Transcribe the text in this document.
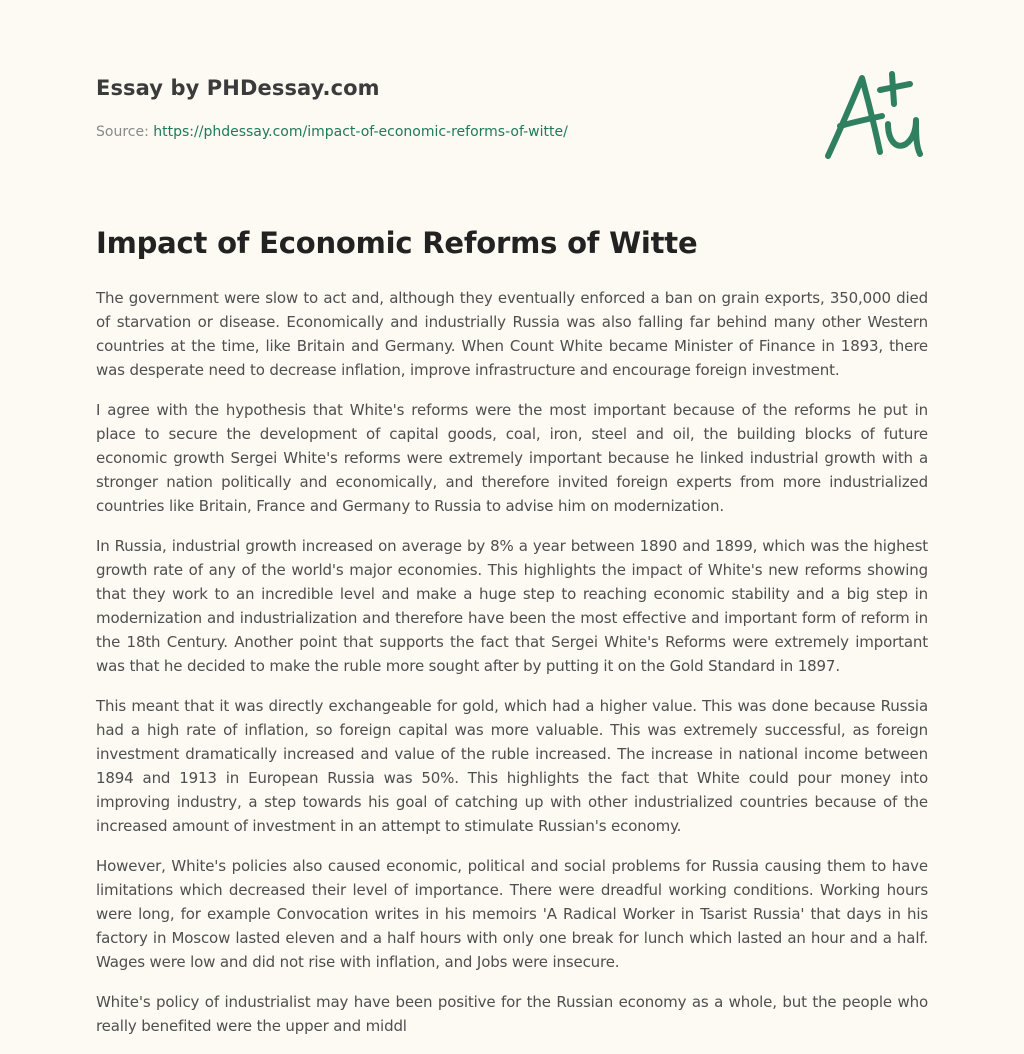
Essay by PHDessay.com
Source: https://phdessay.com/impact-of-economic-reforms-of-witte/
Impact of Economic Reforms of Witte

The government were slow to act and, although they eventually enforced a ban on grain exports, 350,000 died of starvation or disease. Economically and industrially Russia was also falling far behind many other Western countries at the time, like Britain and Germany. When Count White became Minister of Finance in 1893, there was desperate need to decrease inflation, improve infrastructure and encourage foreign investment.

I agree with the hypothesis that White's reforms were the most important because of the reforms he put in place to secure the development of capital goods, coal, iron, steel and oil, the building blocks of future economic growth Sergei White's reforms were extremely important because he linked industrial growth with a stronger nation politically and economically, and therefore invited foreign experts from more industrialized countries like Britain, France and Germany to Russia to advise him on modernization.

In Russia, industrial growth increased on average by 8% a year between 1890 and 1899, which was the highest growth rate of any of the world's major economies. This highlights the impact of White's new reforms showing that they work to an incredible level and make a huge step to reaching economic stability and a big step in modernization and industrialization and therefore have been the most effective and important form of reform in the 18th Century. Another point that supports the fact that Sergei White's Reforms were extremely important was that he decided to make the ruble more sought after by putting it on the Gold Standard in 1897.

This meant that it was directly exchangeable for gold, which had a higher value. This was done because Russia had a high rate of inflation, so foreign capital was more valuable. This was extremely successful, as foreign investment dramatically increased and value of the ruble increased. The increase in national income between 1894 and 1913 in European Russia was 50%. This highlights the fact that White could pour money into improving industry, a step towards his goal of catching up with other industrialized countries because of the increased amount of investment in an attempt to stimulate Russian's economy.

However, White's policies also caused economic, political and social problems for Russia causing them to have limitations which decreased their level of importance. There were dreadful working conditions. Working hours were long, for example Convocation writes in his memoirs 'A Radical Worker in Tsarist Russia' that days in his factory in Moscow lasted eleven and a half hours with only one break for lunch which lasted an hour and a half. Wages were low and did not rise with inflation, and Jobs were insecure.

White's policy of industrialist may have been positive for the Russian economy as a whole, but the people who really benefited were the upper and middl
